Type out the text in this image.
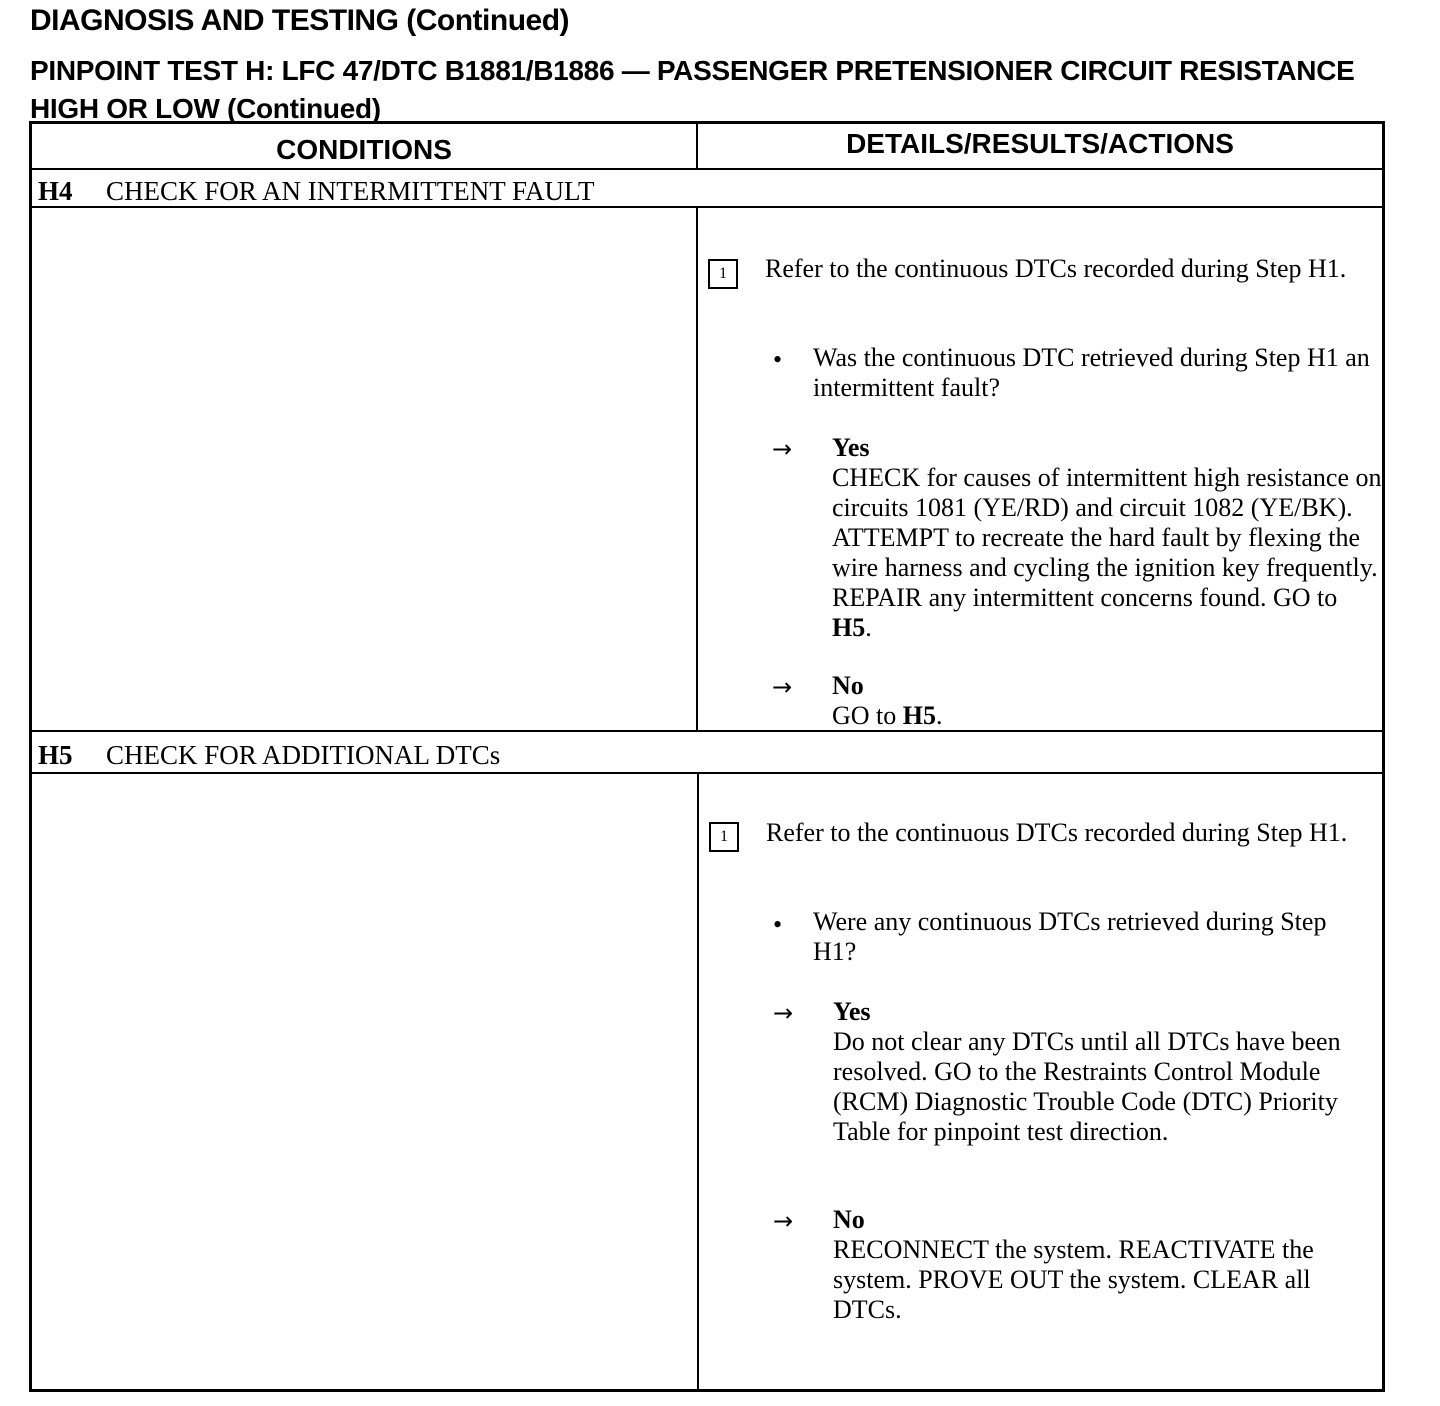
DIAGNOSIS AND TESTING (Continued)
PINPOINT TEST H: LFC 47/DTC B1881/B1886 — PASSENGER PRETENSIONER CIRCUIT RESISTANCE HIGH OR LOW (Continued)
CONDITIONS	DETAILS/RESULTS/ACTIONS
H4 CHECK FOR AN INTERMITTENT FAULT
1	Refer to the continuous DTCs recorded during Step H1.
• Was the continuous DTC retrieved during Step H1 an intermittent fault?
→ Yes
CHECK for causes of intermittent high resistance on circuits 1081 (YE/RD) and circuit 1082 (YE/BK). ATTEMPT to recreate the hard fault by flexing the wire harness and cycling the ignition key frequently. REPAIR any intermittent concerns found. GO to H5.
→ No
GO to H5.
H5 CHECK FOR ADDITIONAL DTCs
1	Refer to the continuous DTCs recorded during Step H1.
• Were any continuous DTCs retrieved during Step H1?
→ Yes
Do not clear any DTCs until all DTCs have been resolved. GO to the Restraints Control Module (RCM) Diagnostic Trouble Code (DTC) Priority Table for pinpoint test direction.
→ No
RECONNECT the system. REACTIVATE the system. PROVE OUT the system. CLEAR all DTCs.
